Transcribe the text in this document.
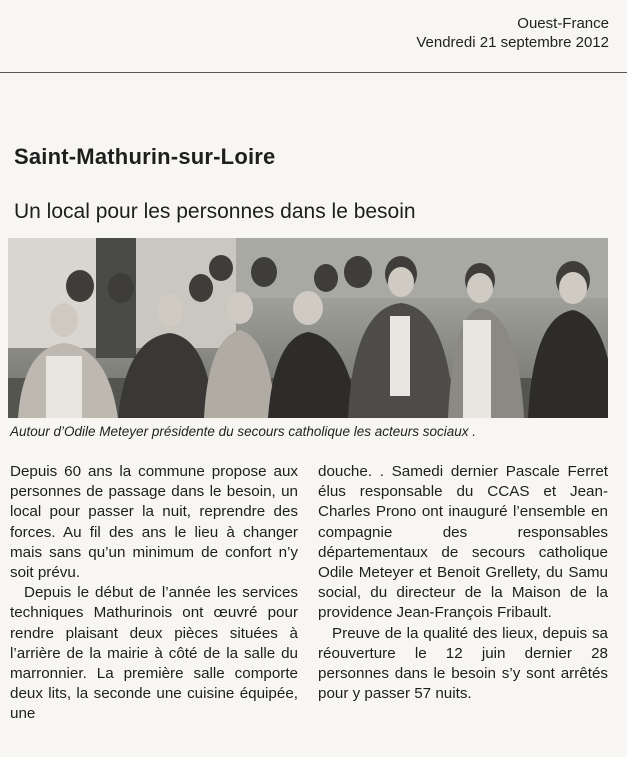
Ouest-France
Vendredi 21 septembre 2012
Saint-Mathurin-sur-Loire
Un local pour les personnes dans le besoin
Autour d’Odile Meteyer présidente du secours catholique les acteurs sociaux .

Depuis 60 ans la commune propose aux personnes de passage dans le besoin, un local pour passer la nuit, reprendre des forces. Au fil des ans le lieu à changer mais sans qu’un minimum de confort n’y soit prévu.

Depuis le début de l’année les services techniques Mathurinois ont œuvré pour rendre plaisant deux pièces situées à l’arrière de la mairie à côté de la salle du marronnier. La première salle comporte deux lits, la seconde une cuisine équipée, une

douche. . Samedi dernier Pascale Ferret élus responsable du CCAS et Jean-Charles Prono ont inauguré l’ensemble en compagnie des responsables départementaux de secours catholique Odile Meteyer et Benoit Grellety, du Samu social, du directeur de la Maison de la providence Jean-François Fribault.

Preuve de la qualité des lieux, depuis sa réouverture le 12 juin dernier 28 personnes dans le besoin s’y sont arrêtés pour y passer 57 nuits.
